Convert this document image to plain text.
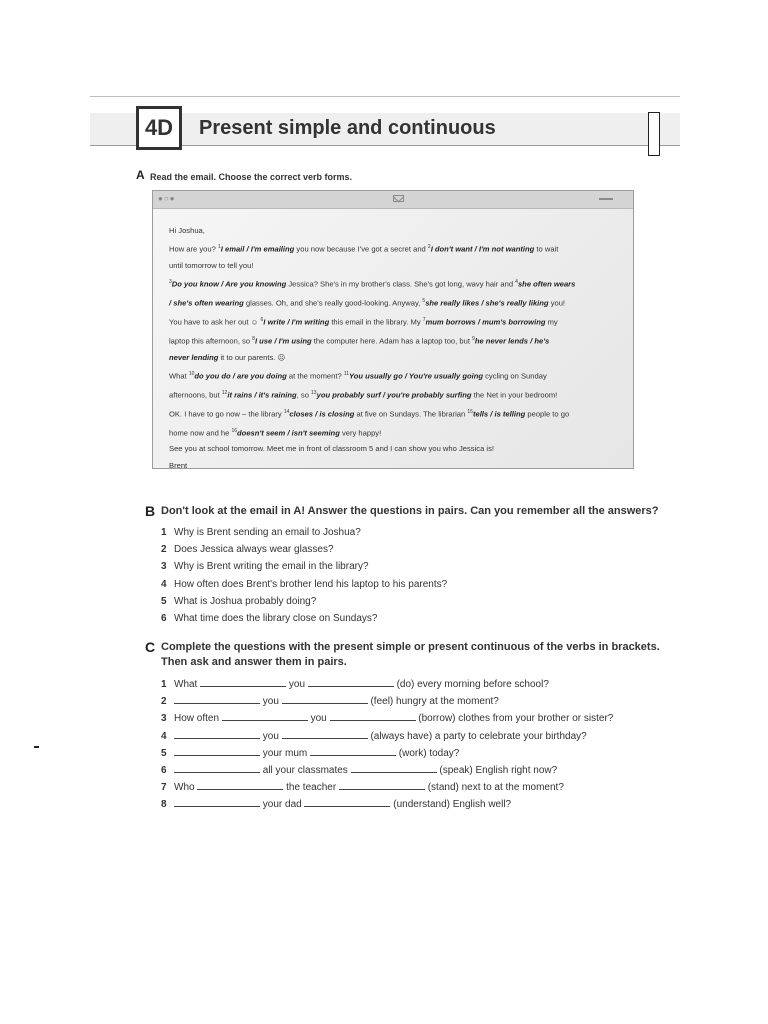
4D	Present simple and continuous
A Read the email. Choose the correct verb forms.
●○●
Hi Joshua,
How are you? $^1$I email / I'm emailing you now because I've got a secret and $^2$I don't want / I'm not wanting to wait
until tomorrow to tell you!
$^3$Do you know / Are you knowing Jessica? She's in my brother's class. She's got long, wavy hair and $^4$she often wears
/ she's often wearing glasses. Oh, and she's really good-looking. Anyway, $^5$she really likes / she's really liking you!
You have to ask her out ☺ $^6$I write / I'm writing this email in the library. My $^7$mum borrows / mum's borrowing my
laptop this afternoon, so $^8$I use / I'm using the computer here. Adam has a laptop too, but $^9$he never lends / he's
never lending it to our parents. ☹
What $^{10}$do you do / are you doing at the moment? $^{11}$You usually go / You're usually going cycling on Sunday
afternoons, but $^{12}$it rains / it's raining, so $^{13}$you probably surf / you're probably surfing the Net in your bedroom!
OK. I have to go now – the library $^{14}$closes / is closing at five on Sundays. The librarian $^{15}$tells / is telling people to go
home now and he $^{16}$doesn't seem / isn't seeming very happy!
See you at school tomorrow. Meet me in front of classroom 5 and I can show you who Jessica is!
Brent
B Don't look at the email in A! Answer the questions in pairs. Can you remember all the answers?
1 Why is Brent sending an email to Joshua?
2 Does Jessica always wear glasses?
3 Why is Brent writing the email in the library?
4 How often does Brent's brother lend his laptop to his parents?
5 What is Joshua probably doing?
6 What time does the library close on Sundays?
C Complete the questions with the present simple or present continuous of the verbs in brackets.
Then ask and answer them in pairs.
1 What	you	(do) every morning before school?
2	you	(feel) hungry at the moment?
3 How often	you	(borrow) clothes from your brother or sister?
4	you	(always have) a party to celebrate your birthday?
5	your mum	(work) today?
6	all your classmates	(speak) English right now?
7 Who	the teacher	(stand) next to at the moment?
8	your dad	(understand) English well?
